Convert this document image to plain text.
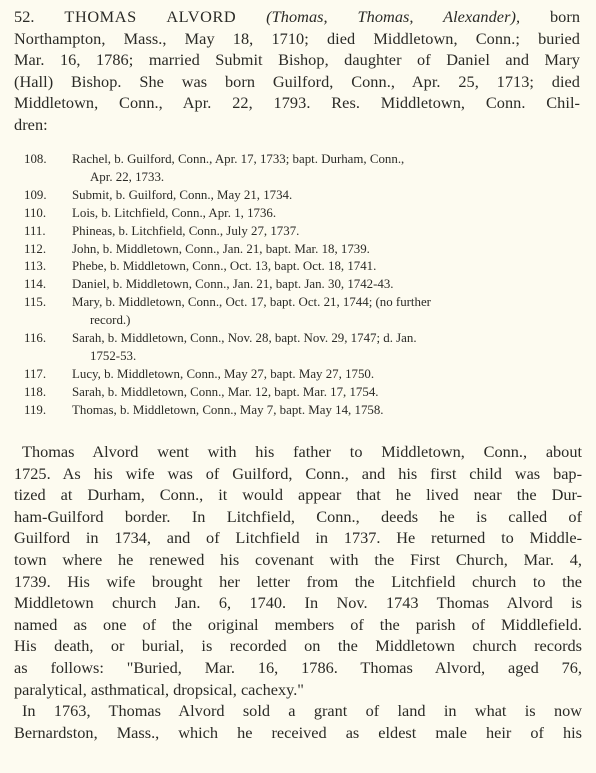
52. THOMAS ALVORD (Thomas, Thomas, Alexander), born
Northampton, Mass., May 18, 1710; died Middletown, Conn.; buried
Mar. 16, 1786; married Submit Bishop, daughter of Daniel and Mary
(Hall) Bishop. She was born Guilford, Conn., Apr. 25, 1713; died
Middletown, Conn., Apr. 22, 1793. Res. Middletown, Conn. Chil-
dren:
108. Rachel, b. Guilford, Conn., Apr. 17, 1733; bapt. Durham, Conn.,
Apr. 22, 1733.
109. Submit, b. Guilford, Conn., May 21, 1734.
110. Lois, b. Litchfield, Conn., Apr. 1, 1736.
111. Phineas, b. Litchfield, Conn., July 27, 1737.
112. John, b. Middletown, Conn., Jan. 21, bapt. Mar. 18, 1739.
113. Phebe, b. Middletown, Conn., Oct. 13, bapt. Oct. 18, 1741.
114. Daniel, b. Middletown, Conn., Jan. 21, bapt. Jan. 30, 1742-43.
115. Mary, b. Middletown, Conn., Oct. 17, bapt. Oct. 21, 1744; (no further
record.)
116. Sarah, b. Middletown, Conn., Nov. 28, bapt. Nov. 29, 1747; d. Jan.
1752-53.
117. Lucy, b. Middletown, Conn., May 27, bapt. May 27, 1750.
118. Sarah, b. Middletown, Conn., Mar. 12, bapt. Mar. 17, 1754.
119. Thomas, b. Middletown, Conn., May 7, bapt. May 14, 1758.

Thomas Alvord went with his father to Middletown, Conn., about
1725. As his wife was of Guilford, Conn., and his first child was bap-
tized at Durham, Conn., it would appear that he lived near the Dur-
ham-Guilford border. In Litchfield, Conn., deeds he is called of
Guilford in 1734, and of Litchfield in 1737. He returned to Middle-
town where he renewed his covenant with the First Church, Mar. 4,
1739. His wife brought her letter from the Litchfield church to the
Middletown church Jan. 6, 1740. In Nov. 1743 Thomas Alvord is
named as one of the original members of the parish of Middlefield.
His death, or burial, is recorded on the Middletown church records
as follows: "Buried, Mar. 16, 1786. Thomas Alvord, aged 76,
paralytical, asthmatical, dropsical, cachexy."

In 1763, Thomas Alvord sold a grant of land in what is now
Bernardston, Mass., which he received as eldest male heir of his
